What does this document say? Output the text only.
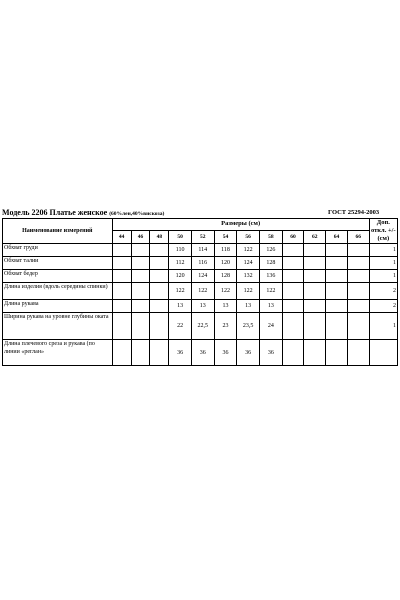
Модель 2206 Платье женское (60%лен,40%вискоза)	ГОСТ 25294-2003
Наименование измерений	Размеры (см)												Доп. откл. +/- (см)
	44	46	48	50	52	54	56	58	60	62	64	66	
Обхват груди				110	114	118	122	126					1
Обхват талии				112	116	120	124	128					1
Обхват бедер				120	124	128	132	136					1
Длина изделия (вдоль середины спинки)				122	122	122	122	122					2
Длина рукава				13	13	13	13	13					2
Ширина рукава на уровне глубины оката				22	22,5	23	23,5	24					1
Длина плечевого среза и рукава (по линии «реглан»				36	36	36	36	36					
